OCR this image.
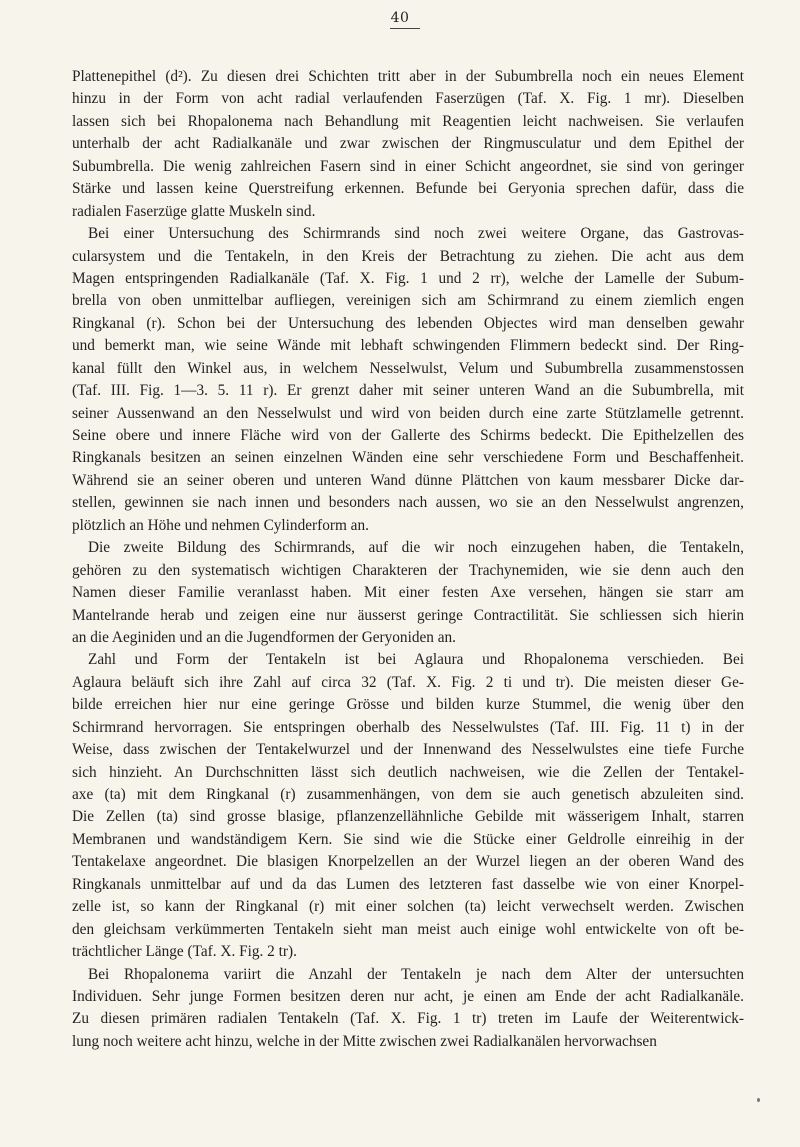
40
Plattenepithel (d²). Zu diesen drei Schichten tritt aber in der Subumbrella noch ein neues Element
hinzu in der Form von acht radial verlaufenden Faserzügen (Taf. X. Fig. 1 mr). Dieselben
lassen sich bei Rhopalonema nach Behandlung mit Reagentien leicht nachweisen. Sie verlaufen
unterhalb der acht Radialkanäle und zwar zwischen der Ringmusculatur und dem Epithel der
Subumbrella. Die wenig zahlreichen Fasern sind in einer Schicht angeordnet, sie sind von geringer
Stärke und lassen keine Querstreifung erkennen. Befunde bei Geryonia sprechen dafür, dass die
radialen Faserzüge glatte Muskeln sind.
Bei einer Untersuchung des Schirmrands sind noch zwei weitere Organe, das Gastrovas-
cularsystem und die Tentakeln, in den Kreis der Betrachtung zu ziehen. Die acht aus dem
Magen entspringenden Radialkanäle (Taf. X. Fig. 1 und 2 rr), welche der Lamelle der Subum-
brella von oben unmittelbar aufliegen, vereinigen sich am Schirmrand zu einem ziemlich engen
Ringkanal (r). Schon bei der Untersuchung des lebenden Objectes wird man denselben gewahr
und bemerkt man, wie seine Wände mit lebhaft schwingenden Flimmern bedeckt sind. Der Ring-
kanal füllt den Winkel aus, in welchem Nesselwulst, Velum und Subumbrella zusammenstossen
(Taf. III. Fig. 1—3. 5. 11 r). Er grenzt daher mit seiner unteren Wand an die Subumbrella, mit
seiner Aussenwand an den Nesselwulst und wird von beiden durch eine zarte Stützlamelle getrennt.
Seine obere und innere Fläche wird von der Gallerte des Schirms bedeckt. Die Epithelzellen des
Ringkanals besitzen an seinen einzelnen Wänden eine sehr verschiedene Form und Beschaffenheit.
Während sie an seiner oberen und unteren Wand dünne Plättchen von kaum messbarer Dicke dar-
stellen, gewinnen sie nach innen und besonders nach aussen, wo sie an den Nesselwulst angrenzen,
plötzlich an Höhe und nehmen Cylinderform an.
Die zweite Bildung des Schirmrands, auf die wir noch einzugehen haben, die Tentakeln,
gehören zu den systematisch wichtigen Charakteren der Trachynemiden, wie sie denn auch den
Namen dieser Familie veranlasst haben. Mit einer festen Axe versehen, hängen sie starr am
Mantelrande herab und zeigen eine nur äusserst geringe Contractilität. Sie schliessen sich hierin
an die Aeginiden und an die Jugendformen der Geryoniden an.
Zahl und Form der Tentakeln ist bei Aglaura und Rhopalonema verschieden. Bei
Aglaura beläuft sich ihre Zahl auf circa 32 (Taf. X. Fig. 2 ti und tr). Die meisten dieser Ge-
bilde erreichen hier nur eine geringe Grösse und bilden kurze Stummel, die wenig über den
Schirmrand hervorragen. Sie entspringen oberhalb des Nesselwulstes (Taf. III. Fig. 11 t) in der
Weise, dass zwischen der Tentakelwurzel und der Innenwand des Nesselwulstes eine tiefe Furche
sich hinzieht. An Durchschnitten lässt sich deutlich nachweisen, wie die Zellen der Tentakel-
axe (ta) mit dem Ringkanal (r) zusammenhängen, von dem sie auch genetisch abzuleiten sind.
Die Zellen (ta) sind grosse blasige, pflanzenzellähnliche Gebilde mit wässerigem Inhalt, starren
Membranen und wandständigem Kern. Sie sind wie die Stücke einer Geldrolle einreihig in der
Tentakelaxe angeordnet. Die blasigen Knorpelzellen an der Wurzel liegen an der oberen Wand des
Ringkanals unmittelbar auf und da das Lumen des letzteren fast dasselbe wie von einer Knorpel-
zelle ist, so kann der Ringkanal (r) mit einer solchen (ta) leicht verwechselt werden. Zwischen
den gleichsam verkümmerten Tentakeln sieht man meist auch einige wohl entwickelte von oft be-
trächtlicher Länge (Taf. X. Fig. 2 tr).
Bei Rhopalonema variirt die Anzahl der Tentakeln je nach dem Alter der untersuchten
Individuen. Sehr junge Formen besitzen deren nur acht, je einen am Ende der acht Radialkanäle.
Zu diesen primären radialen Tentakeln (Taf. X. Fig. 1 tr) treten im Laufe der Weiterentwick-
lung noch weitere acht hinzu, welche in der Mitte zwischen zwei Radialkanälen hervorwachsen
